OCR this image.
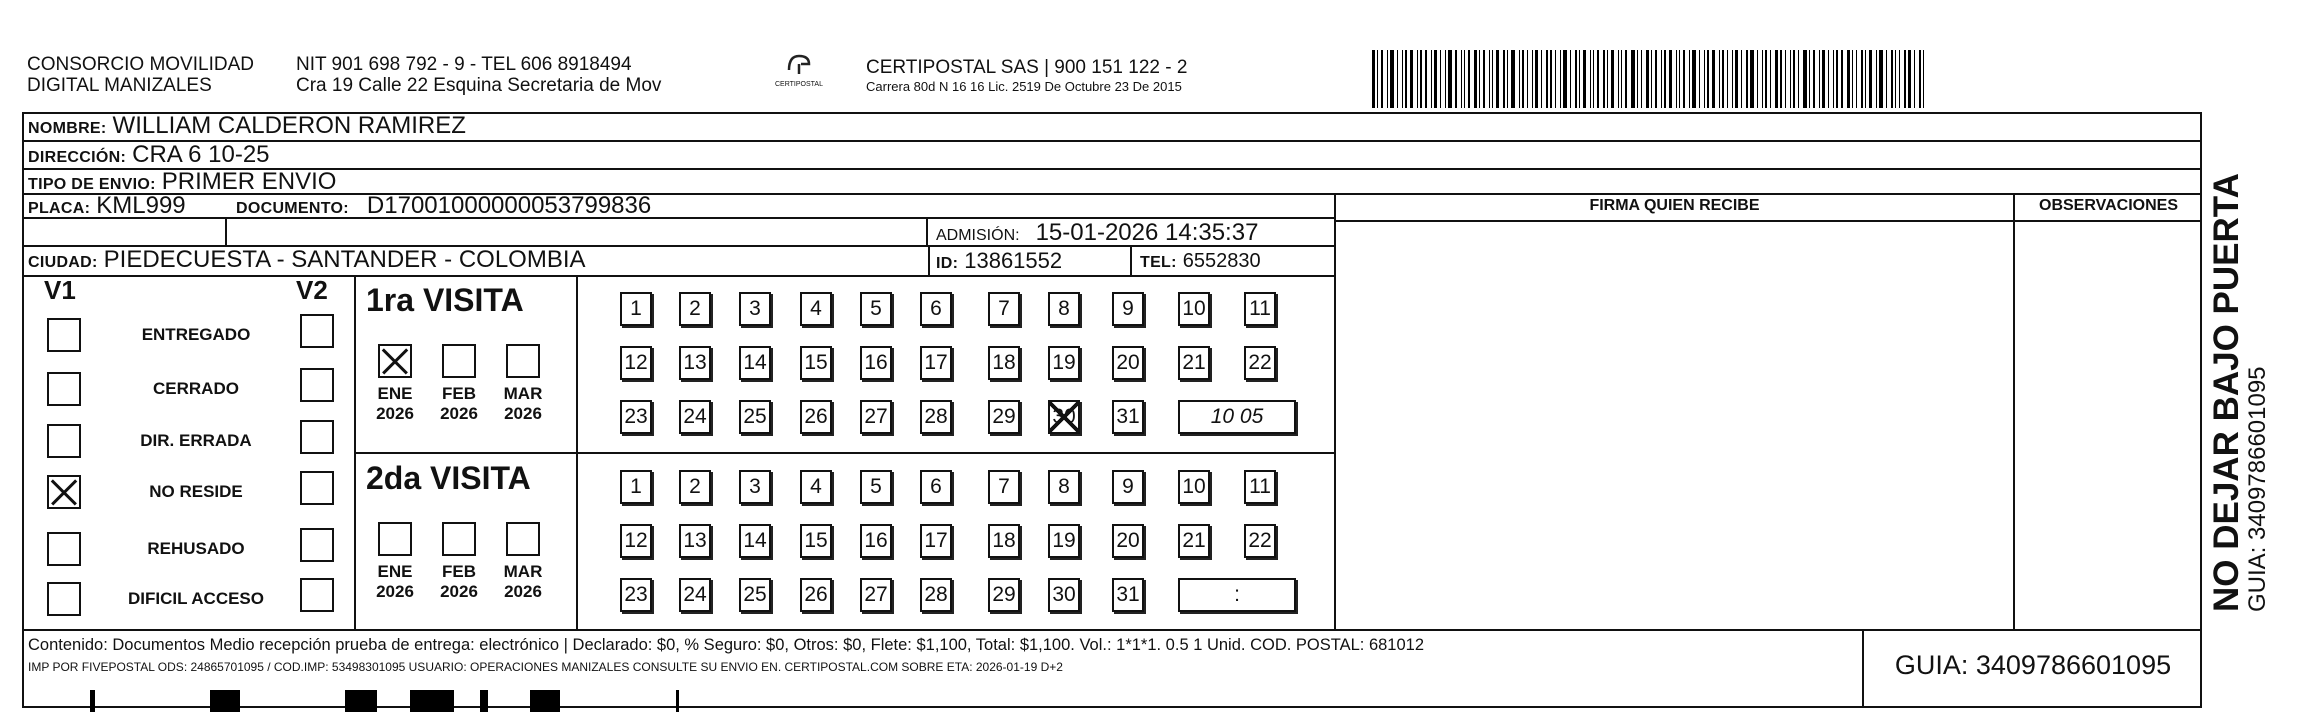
CONSORCIO MOVILIDAD
DIGITAL MANIZALES
NIT 901 698 792 - 9 - TEL 606 8918494
Cra 19 Calle 22 Esquina Secretaria de Mov	CERTIPOSTAL
CERTIPOSTAL SAS | 900 151 122 - 2
Carrera 80d N 16 16 Lic. 2519 De Octubre 23 De 2015
NOMBRE: WILLIAM CALDERON RAMIREZ
DIRECCIÓN: CRA 6 10-25
TIPO DE ENVIO: PRIMER ENVIO
PLACA: KML999	DOCUMENTO: D17001000000053799836
ADMISIÓN: 15-01-2026 14:35:37
CIUDAD: PIEDECUESTA - SANTANDER - COLOMBIA	ID: 13861552	TEL: 6552830
FIRMA QUIEN RECIBE	OBSERVACIONES
V1	V2
ENTREGADO
CERRADO
DIR. ERRADA
NO RESIDE
REHUSADO
DIFICIL ACCESO
1ra VISITA
ENE
2026
FEB
2026
MAR
2026
1	2	3	4	5	6	7	8	9	10 11
12 13 14 15 16 17 18 19 20 21 22
23 24 25 26 27 28 29 30 31	10 05
2da VISITA
ENE
2026
FEB
2026
MAR
2026
1	2	3	4	5	6	7	8	9	10 11
12 13 14 15 16 17 18 19 20 21 22
23 24 25 26 27 28 29 30 31	:
Contenido: Documentos Medio recepción prueba de entrega: electrónico | Declarado: $0, % Seguro: $0, Otros: $0, Flete: $1,100, Total: $1,100. Vol.: 1*1*1. 0.5 1 Unid. COD. POSTAL: 681012
IMP POR FIVEPOSTAL ODS: 24865701095 / COD.IMP: 53498301095 USUARIO: OPERACIONES MANIZALES CONSULTE SU ENVIO EN. CERTIPOSTAL.COM SOBRE ETA: 2026-01-19 D+2	GUIA: 3409786601095
NO DEJAR BAJO PUERTA
GUIA: 3409786601095
